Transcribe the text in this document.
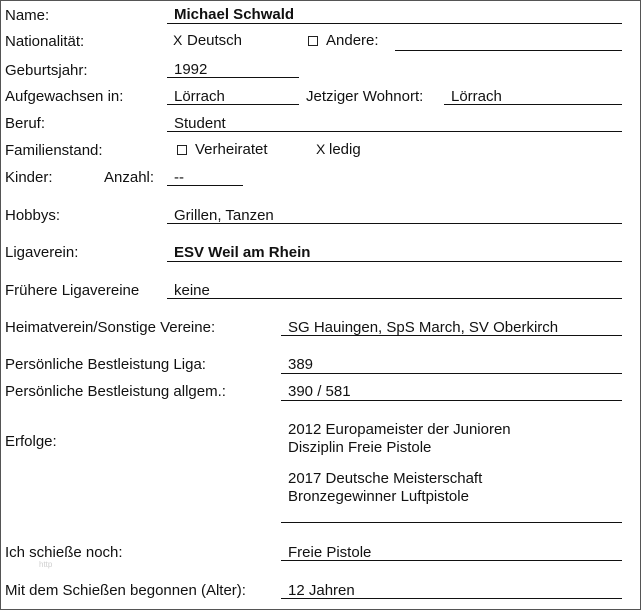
Name:	Michael Schwald
Nationalität:	X Deutsch	Andere:
Geburtsjahr:	1992
Aufgewachsen in:	Lörrach	Jetziger Wohnort: Lörrach
Beruf:	Student
Familienstand:	Verheiratet	X ledig
Kinder:	Anzahl: --
Hobbys:	Grillen, Tanzen
Ligaverein:	ESV Weil am Rhein
Frühere Ligavereine keine
Heimatverein/Sonstige Vereine:	SG Hauingen, SpS March, SV Oberkirch
Persönliche Bestleistung Liga:	389
Persönliche Bestleistung allgem.:	390 / 581
Erfolge:
2012 Europameister der Junioren
Disziplin Freie Pistole
2017 Deutsche Meisterschaft
Bronzegewinner Luftpistole
http
Ich schieße noch:	Freie Pistole
Mit dem Schießen begonnen (Alter):	12 Jahren
